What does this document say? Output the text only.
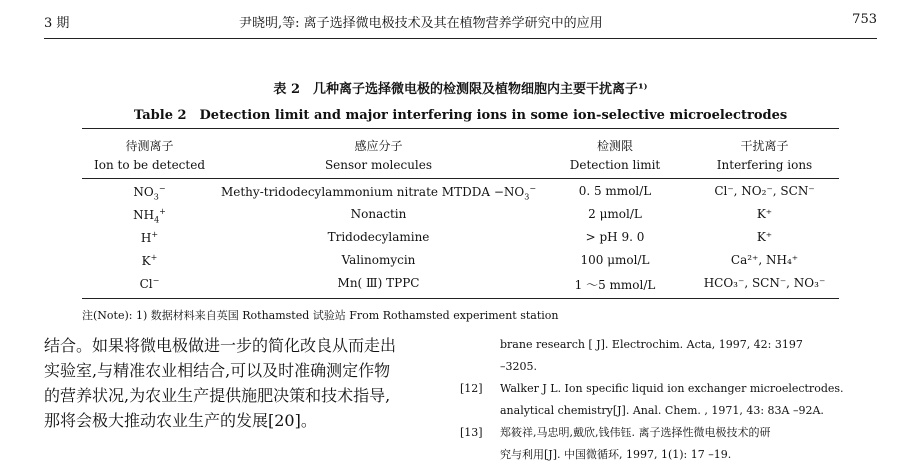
3 期	尹晓明,等: 离子选择微电极技术及其在植物营养学研究中的应用	753
表 2　几种离子选择微电极的检测限及植物细胞内主要干扰离子¹⁾
Table 2　Detection limit and major interfering ions in some ion-selective microelectrodes
待测离子	感应分子	检测限	干扰离子
Ion to be detected	Sensor molecules	Detection limit	Interfering ions
$NO_3^-$	Methy-tridodecylammonium nitrate MTDDA $-NO_3^-$	0. 5 mmol/L	Cl⁻, NO₂⁻, SCN⁻
$NH_4^+$	Nonactin	2 μmol/L	K⁺
H+	Tridodecylamine	> pH 9. 0	K⁺
K+	Valinomycin	100 μmol/L	Ca²⁺, NH₄⁺
Cl−	Mn( Ⅲ) TPPC	1 ～5 mmol/L	HCO₃⁻, SCN⁻, NO₃⁻
注(Note): 1) 数据材料来自英国 Rothamsted 试验站 From Rothamsted experiment station
结合。如果将微电极做进一步的简化改良从而走出
实验室,与精准农业相结合,可以及时准确测定作物
的营养状况,为农业生产提供施肥决策和技术指导,
那将会极大推动农业生产的发展[20]。
brane research [ J]. Electrochim. Acta, 1997, 42: 3197
–3205.
[12] Walker J L. Ion specific liquid ion exchanger microelectrodes.
analytical chemistry[J]. Anal. Chem. , 1971, 43: 83A –92A.
[13] 郑筱祥,马忠明,戴欣,钱伟钰. 离子选择性微电极技术的研
究与利用[J]. 中国微循环, 1997, 1(1): 17 –19.
